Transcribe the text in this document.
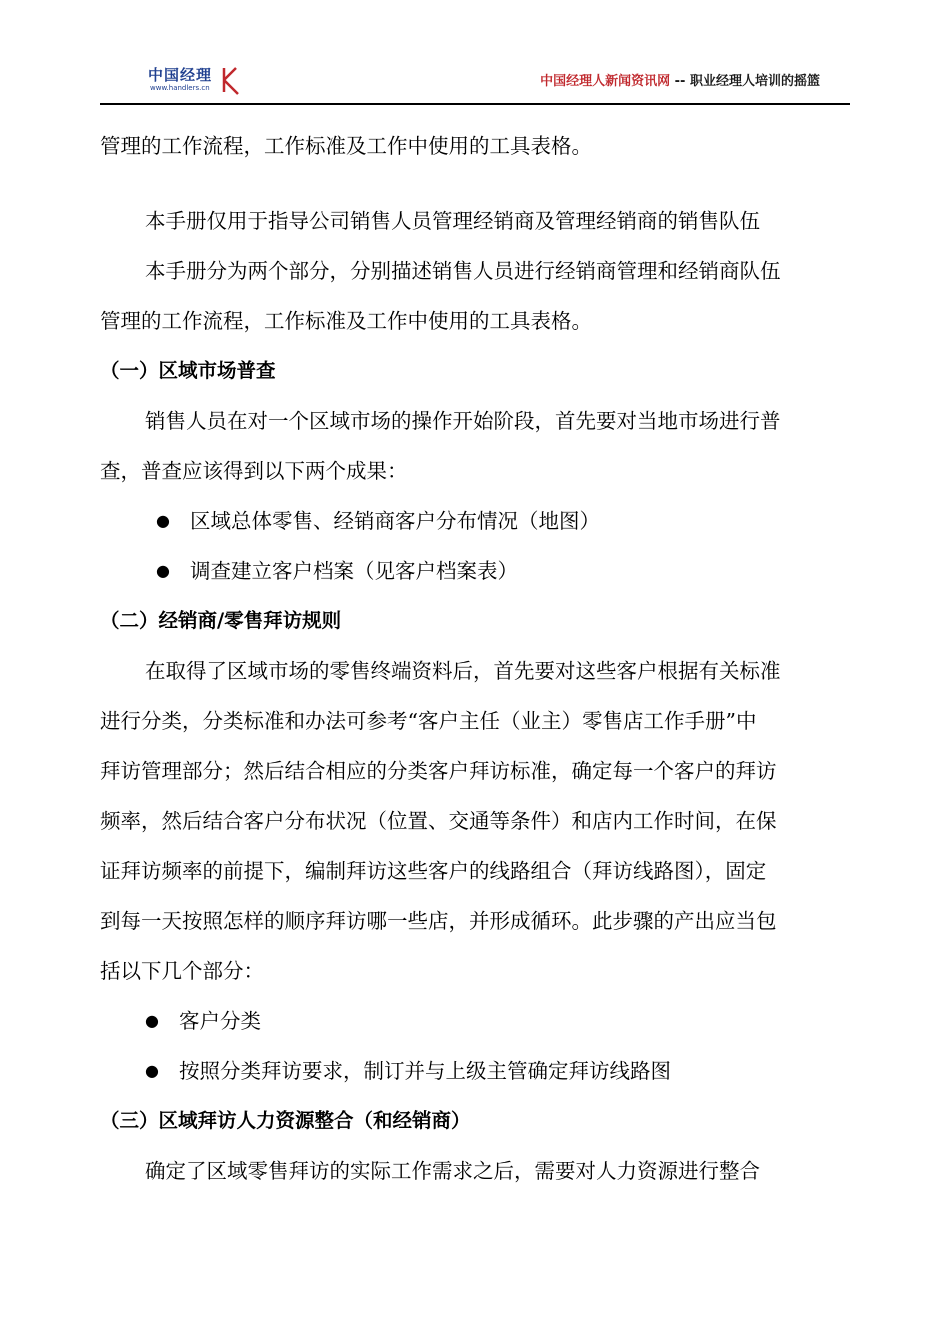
中国经理
www.handlers.cn	中国经理人新闻资讯网 -- 职业经理人培训的摇篮

管理的工作流程，工作标准及工作中使用的工具表格。

本手册仅用于指导公司销售人员管理经销商及管理经销商的销售队伍

本手册分为两个部分，分别描述销售人员进行经销商管理和经销商队伍

管理的工作流程，工作标准及工作中使用的工具表格。

（一）区域市场普查

销售人员在对一个区域市场的操作开始阶段，首先要对当地市场进行普

查，普查应该得到以下两个成果：

● 区域总体零售、经销商客户分布情况（地图）

● 调查建立客户档案（见客户档案表）

（二）经销商/零售拜访规则

在取得了区域市场的零售终端资料后，首先要对这些客户根据有关标准

进行分类，分类标准和办法可参考“客户主任（业主）零售店工作手册”中

拜访管理部分；然后结合相应的分类客户拜访标准，确定每一个客户的拜访

频率，然后结合客户分布状况（位置、交通等条件）和店内工作时间，在保

证拜访频率的前提下，编制拜访这些客户的线路组合（拜访线路图），固定

到每一天按照怎样的顺序拜访哪一些店，并形成循环。此步骤的产出应当包

括以下几个部分：

● 客户分类

● 按照分类拜访要求，制订并与上级主管确定拜访线路图

（三）区域拜访人力资源整合（和经销商）

确定了区域零售拜访的实际工作需求之后，需要对人力资源进行整合
